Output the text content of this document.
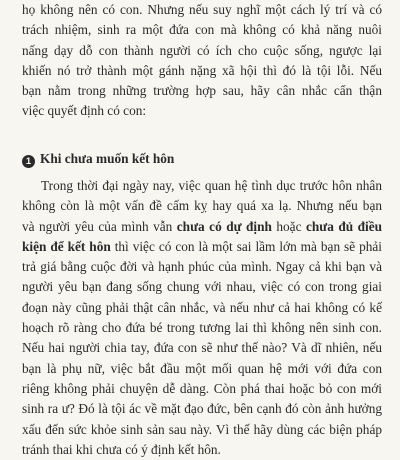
họ không nên có con. Nhưng nếu suy nghĩ một cách lý trí và có
trách nhiệm, sinh ra một đứa con mà không có khả năng nuôi
nấng dạy dỗ con thành người có ích cho cuộc sống, ngược lại
khiến nó trở thành một gánh nặng xã hội thì đó là tội lỗi. Nếu
bạn nằm trong những trường hợp sau, hãy cân nhắc cẩn thận
việc quyết định có con:
1 Khi chưa muốn kết hôn
Trong thời đại ngày nay, việc quan hệ tình dục trước hôn nhân
không còn là một vấn đề cấm kỵ hay quá xa lạ. Nhưng nếu bạn
và người yêu của mình vẫn chưa có dự định hoặc chưa đủ điều
kiện để kết hôn thì việc có con là một sai lầm lớn mà bạn sẽ phải
trả giá bằng cuộc đời và hạnh phúc của mình. Ngay cả khi bạn và
người yêu bạn đang sống chung với nhau, việc có con trong giai
đoạn này cũng phải thật cân nhắc, và nếu như cả hai không có kế
hoạch rõ ràng cho đứa bé trong tương lai thì không nên sinh con.
Nếu hai người chia tay, đứa con sẽ như thế nào? Và dĩ nhiên, nếu
bạn là phụ nữ, việc bắt đầu một mối quan hệ mới với đứa con
riêng không phải chuyện dễ dàng. Còn phá thai hoặc bỏ con mới
sinh ra ư? Đó là tội ác về mặt đạo đức, bên cạnh đó còn ảnh hưởng
xấu đến sức khỏe sinh sản sau này. Vì thế hãy dùng các biện pháp
tránh thai khi chưa có ý định kết hôn.
